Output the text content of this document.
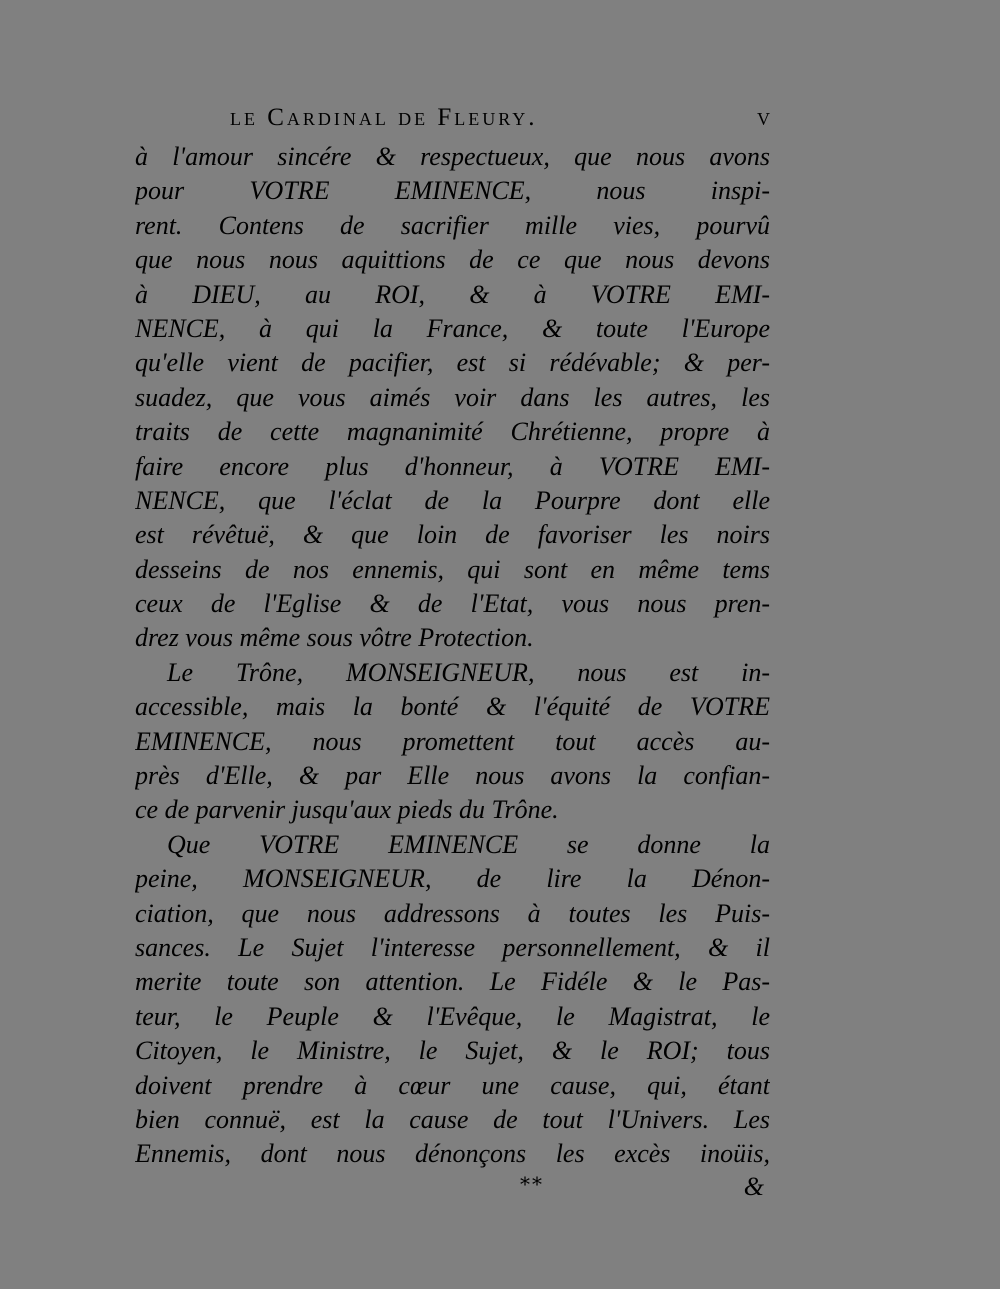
le Cardinal de Fleury.	v
à l'amour sincére & respectueux, que nous avons
pour VOTRE EMINENCE, nous inspi-
rent. Contens de sacrifier mille vies, pourvû
que nous nous aquittions de ce que nous devons
à DIEU, au ROI, & à VOTRE EMI-
NENCE, à qui la France, & toute l'Europe
qu'elle vient de pacifier, est si rédévable; & per-
suadez, que vous aimés voir dans les autres, les
traits de cette magnanimité Chrétienne, propre à
faire encore plus d'honneur, à VOTRE EMI-
NENCE, que l'éclat de la Pourpre dont elle
est révêtuë, & que loin de favoriser les noirs
desseins de nos ennemis, qui sont en même tems
ceux de l'Eglise & de l'Etat, vous nous pren-
drez vous même sous vôtre Protection.
Le Trône, MONSEIGNEUR, nous est in-
accessible, mais la bonté & l'équité de VOTRE
EMINENCE, nous promettent tout accès au-
près d'Elle, & par Elle nous avons la confian-
ce de parvenir jusqu'aux pieds du Trône.
Que VOTRE EMINENCE se donne la
peine, MONSEIGNEUR, de lire la Dénon-
ciation, que nous addressons à toutes les Puis-
sances. Le Sujet l'interesse personnellement, & il
merite toute son attention. Le Fidéle & le Pas-
teur, le Peuple & l'Evêque, le Magistrat, le
Citoyen, le Ministre, le Sujet, & le ROI; tous
doivent prendre à cœur une cause, qui, étant
bien connuë, est la cause de tout l'Univers. Les
Ennemis, dont nous dénonçons les excès inoüis,
**	&
